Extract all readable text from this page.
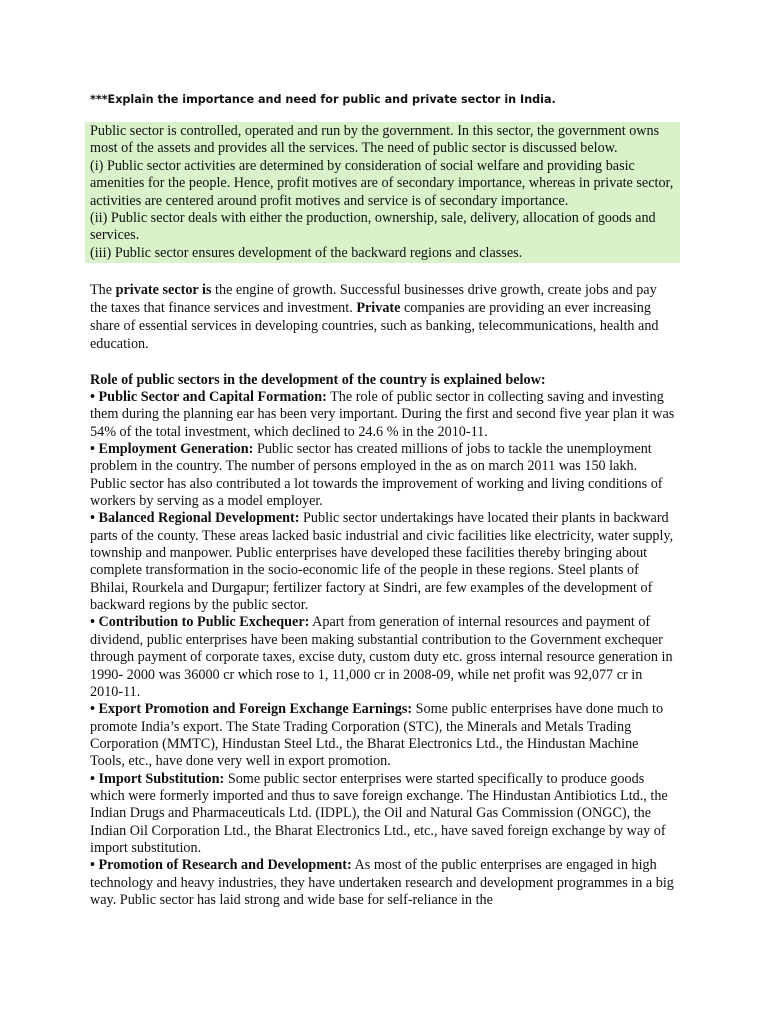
***Explain the importance and need for public and private sector in India.

Public sector is controlled, operated and run by the government. In this sector, the government owns most of the assets and provides all the services. The need of public sector is discussed below.
(i) Public sector activities are determined by consideration of social welfare and providing basic amenities for the people. Hence, profit motives are of secondary importance, whereas in private sector, activities are centered around profit motives and service is of secondary importance.
(ii) Public sector deals with either the production, ownership, sale, delivery, allocation of goods and services.
(iii) Public sector ensures development of the backward regions and classes.

The private sector is the engine of growth. Successful businesses drive growth, create jobs and pay the taxes that finance services and investment. Private companies are providing an ever increasing share of essential services in developing countries, such as banking, telecommunications, health and education.

Role of public sectors in the development of the country is explained below:

• Public Sector and Capital Formation: The role of public sector in collecting saving and investing them during the planning ear has been very important. During the first and second five year plan it was 54% of the total investment, which declined to 24.6 % in the 2010-11.

• Employment Generation: Public sector has created millions of jobs to tackle the unemployment problem in the country. The number of persons employed in the as on march 2011 was 150 lakh. Public sector has also contributed a lot towards the improvement of working and living conditions of workers by serving as a model employer.

• Balanced Regional Development: Public sector undertakings have located their plants in backward parts of the county. These areas lacked basic industrial and civic facilities like electricity, water supply, township and manpower. Public enterprises have developed these facilities thereby bringing about complete transformation in the socio-economic life of the people in these regions. Steel plants of Bhilai, Rourkela and Durgapur; fertilizer factory at Sindri, are few examples of the development of backward regions by the public sector.

• Contribution to Public Exchequer: Apart from generation of internal resources and payment of dividend, public enterprises have been making substantial contribution to the Government exchequer through payment of corporate taxes, excise duty, custom duty etc. gross internal resource generation in 1990- 2000 was 36000 cr which rose to 1, 11,000 cr in 2008-09, while net profit was 92,077 cr in 2010-11.

• Export Promotion and Foreign Exchange Earnings: Some public enterprises have done much to promote India’s export. The State Trading Corporation (STC), the Minerals and Metals Trading Corporation (MMTC), Hindustan Steel Ltd., the Bharat Electronics Ltd., the Hindustan Machine Tools, etc., have done very well in export promotion.

• Import Substitution: Some public sector enterprises were started specifically to produce goods which were formerly imported and thus to save foreign exchange. The Hindustan Antibiotics Ltd., the Indian Drugs and Pharmaceuticals Ltd. (IDPL), the Oil and Natural Gas Commission (ONGC), the Indian Oil Corporation Ltd., the Bharat Electronics Ltd., etc., have saved foreign exchange by way of import substitution.

• Promotion of Research and Development: As most of the public enterprises are engaged in high technology and heavy industries, they have undertaken research and development programmes in a big way. Public sector has laid strong and wide base for self-reliance in the
